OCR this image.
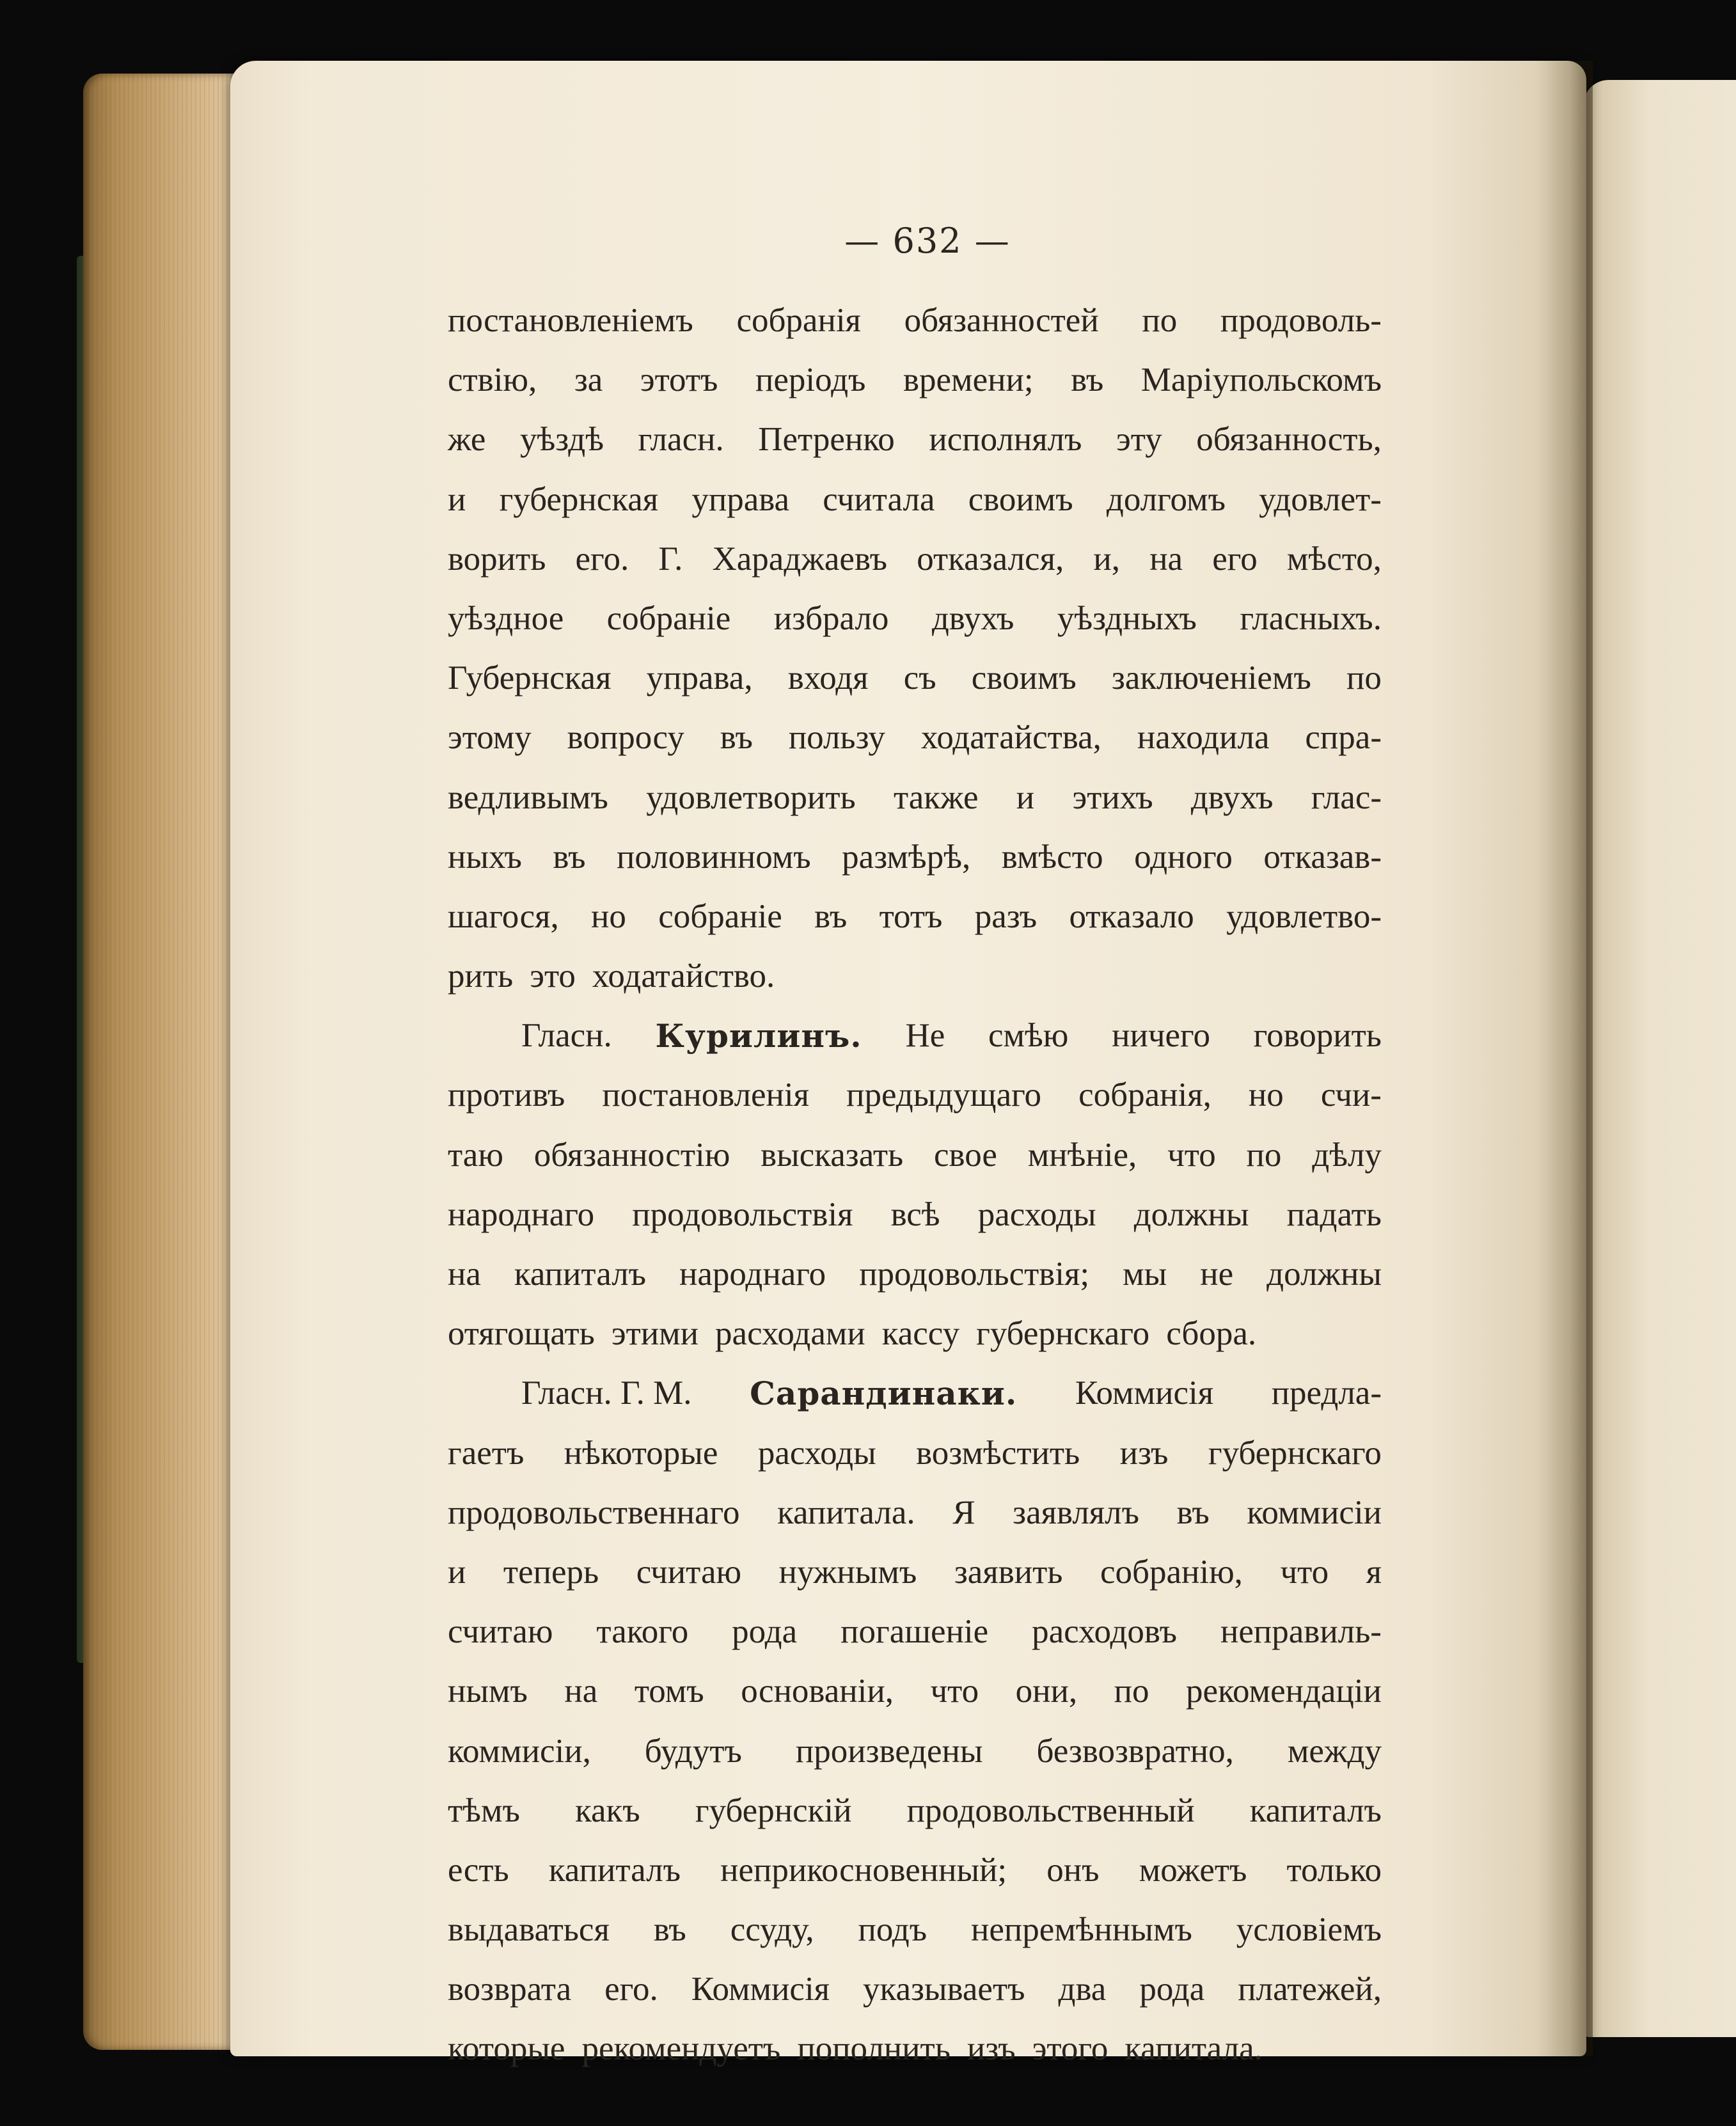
— 632 —
постановленіемъ собранія обязанностей по продоволь-
ствію, за этотъ періодъ времени; въ Маріупольскомъ
же уѣздѣ гласн. Петренко исполнялъ эту обязанность,
и губернская управа считала своимъ долгомъ удовлет-
ворить его. Г. Хараджаевъ отказался, и, на его мѣсто,
уѣздное собраніе избрало двухъ уѣздныхъ гласныхъ.
Губернская управа, входя съ своимъ заключеніемъ по
этому вопросу въ пользу ходатайства, находила спра-
ведливымъ удовлетворить также и этихъ двухъ глас-
ныхъ въ половинномъ размѣрѣ, вмѣсто одного отказав-
шагося, но собраніе въ тотъ разъ отказало удовлетво-
рить это ходатайство.
Гласн. Курилинъ. Не смѣю ничего говорить
противъ постановленія предыдущаго собранія, но счи-
таю обязанностію высказать свое мнѣніе, что по дѣлу
народнаго продовольствія всѣ расходы должны падать
на капиталъ народнаго продовольствія; мы не должны
отягощать этими расходами кассу губернскаго сбора.
Гласн. Г. М. Сарандинаки. Коммисія предла-
гаетъ нѣкоторые расходы возмѣстить изъ губернскаго
продовольственнаго капитала. Я заявлялъ въ коммисіи
и теперь считаю нужнымъ заявить собранію, что я
считаю такого рода погашеніе расходовъ неправиль-
нымъ на томъ основаніи, что они, по рекомендаціи
коммисіи, будутъ произведены безвозвратно, между
тѣмъ какъ губернскій продовольственный капиталъ
есть капиталъ неприкосновенный; онъ можетъ только
выдаваться въ ссуду, подъ непремѣннымъ условіемъ
возврата его. Коммисія указываетъ два рода платежей,
которые рекомендуетъ пополнить изъ этого капитала.
